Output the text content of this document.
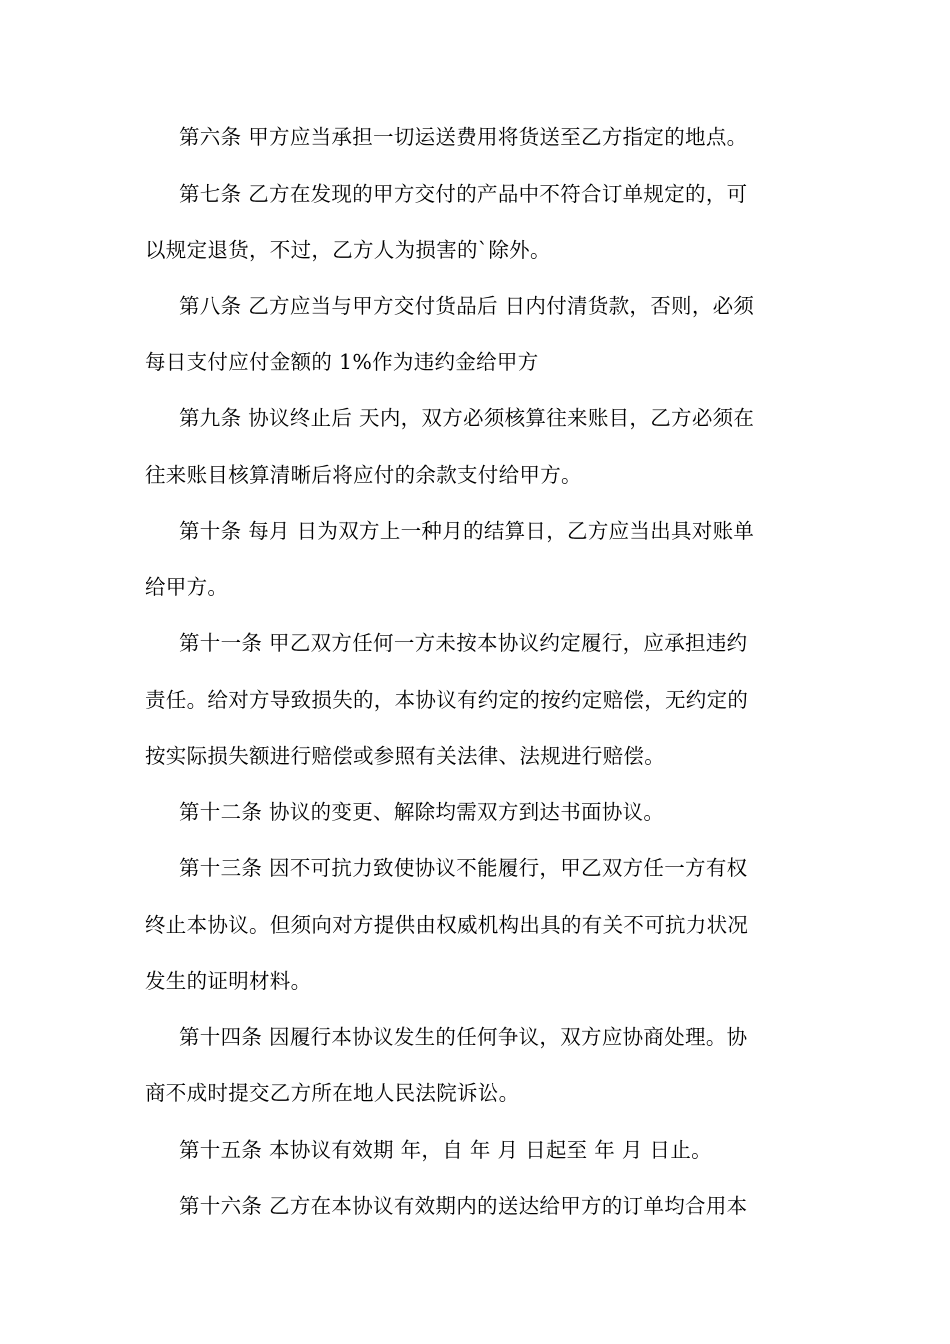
第六条 甲方应当承担一切运送费用将货送至乙方指定的地点。
第七条 乙方在发现的甲方交付的产品中不符合订单规定的，可
以规定退货，不过，乙方人为损害的`除外。
第八条 乙方应当与甲方交付货品后 日内付清货款，否则，必须
每日支付应付金额的 1%作为违约金给甲方
第九条 协议终止后 天内，双方必须核算往来账目，乙方必须在
往来账目核算清晰后将应付的余款支付给甲方。
第十条 每月 日为双方上一种月的结算日，乙方应当出具对账单
给甲方。
第十一条 甲乙双方任何一方未按本协议约定履行，应承担违约
责任。给对方导致损失的，本协议有约定的按约定赔偿，无约定的
按实际损失额进行赔偿或参照有关法律、法规进行赔偿。
第十二条 协议的变更、解除均需双方到达书面协议。
第十三条 因不可抗力致使协议不能履行，甲乙双方任一方有权
终止本协议。但须向对方提供由权威机构出具的有关不可抗力状况
发生的证明材料。
第十四条 因履行本协议发生的任何争议，双方应协商处理。协
商不成时提交乙方所在地人民法院诉讼。
第十五条 本协议有效期 年，自 年 月 日起至 年 月 日止。
第十六条 乙方在本协议有效期内的送达给甲方的订单均合用本
